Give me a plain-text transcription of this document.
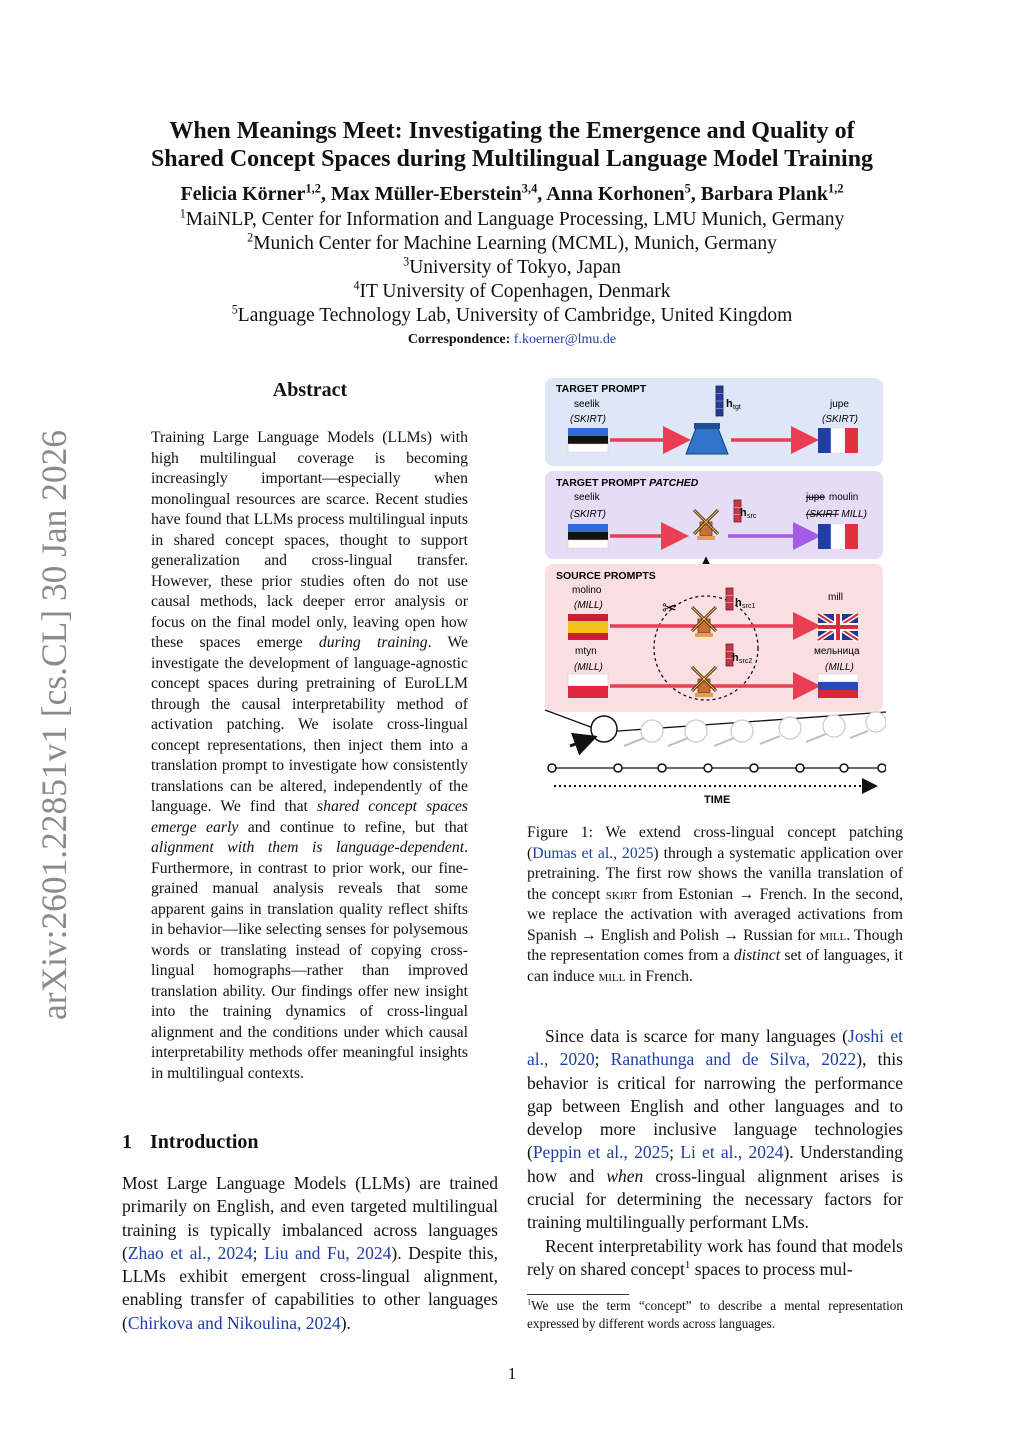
arXiv:2601.22851v1 [cs.CL] 30 Jan 2026
When Meanings Meet: Investigating the Emergence and Quality of
Shared Concept Spaces during Multilingual Language Model Training
Felicia Körner$^{1,2}$, Max Müller-Eberstein$^{3,4}$, Anna Korhonen$^5$, Barbara Plank$^{1,2}$
$^1$MaiNLP, Center for Information and Language Processing, LMU Munich, Germany
$^2$Munich Center for Machine Learning (MCML), Munich, Germany
$^3$University of Tokyo, Japan
$^4$IT University of Copenhagen, Denmark
$^5$Language Technology Lab, University of Cambridge, United Kingdom
Correspondence: f.koerner@lmu.de
Abstract

Training Large Language Models (LLMs) with high multilingual coverage is becoming increasingly important—especially when monolingual resources are scarce. Recent studies have found that LLMs process multilingual inputs in shared concept spaces, thought to support generalization and cross-lingual transfer. However, these prior studies often do not use causal methods, lack deeper error analysis or focus on the final model only, leaving open how these spaces emerge during training. We investigate the development of language-agnostic concept spaces during pretraining of EuroLLM through the causal interpretability method of activation patching. We isolate cross-lingual concept representations, then inject them into a translation prompt to investigate how consistently translations can be altered, independently of the language. We find that shared concept spaces emerge early and continue to refine, but that alignment with them is language-dependent. Furthermore, in contrast to prior work, our fine-grained manual analysis reveals that some apparent gains in translation quality reflect shifts in behavior—like selecting senses for polysemous words or translating instead of copying cross-lingual homographs—rather than improved translation ability. Our findings offer new insight into the training dynamics of cross-lingual alignment and the conditions under which causal interpretability methods offer meaningful insights in multilingual contexts.

1 Introduction

Most Large Language Models (LLMs) are trained primarily on English, and even targeted multilingual training is typically imbalanced across languages (Zhao et al., 2024; Liu and Fu, 2024). Despite this, LLMs exhibit emergent cross-lingual alignment, enabling transfer of capabilities to other languages (Chirkova and Nikoulina, 2024).

TARGET PROMPT
seelik
(SKIRT)
h tgt	jupe
(SKIRT)
TARGET PROMPT PATCHED
seelik
(SKIRT)	h src
jupe moulin
(SKIRT MILL)
SOURCE PROMPTS
molino
(MILL)
mtyn
(MILL)
✂	h src1
h src2
mill
мельница
(MILL)
TIME

Figure 1: We extend cross-lingual concept patching (Dumas et al., 2025) through a systematic application over pretraining. The first row shows the vanilla translation of the concept skirt from Estonian → French. In the second, we replace the activation with averaged activations from Spanish → English and Polish → Russian for mill. Though the representation comes from a distinct set of languages, it can induce mill in French.

Since data is scarce for many languages (Joshi et al., 2020; Ranathunga and de Silva, 2022), this behavior is critical for narrowing the performance gap between English and other languages and to develop more inclusive language technologies (Peppin et al., 2025; Li et al., 2024). Understanding how and when cross-lingual alignment arises is crucial for determining the necessary factors for training multilingually performant LMs.

Recent interpretability work has found that models rely on shared concept$^1$ spaces to process mul-

$^1$We use the term “concept” to describe a mental representation expressed by different words across languages.
1
